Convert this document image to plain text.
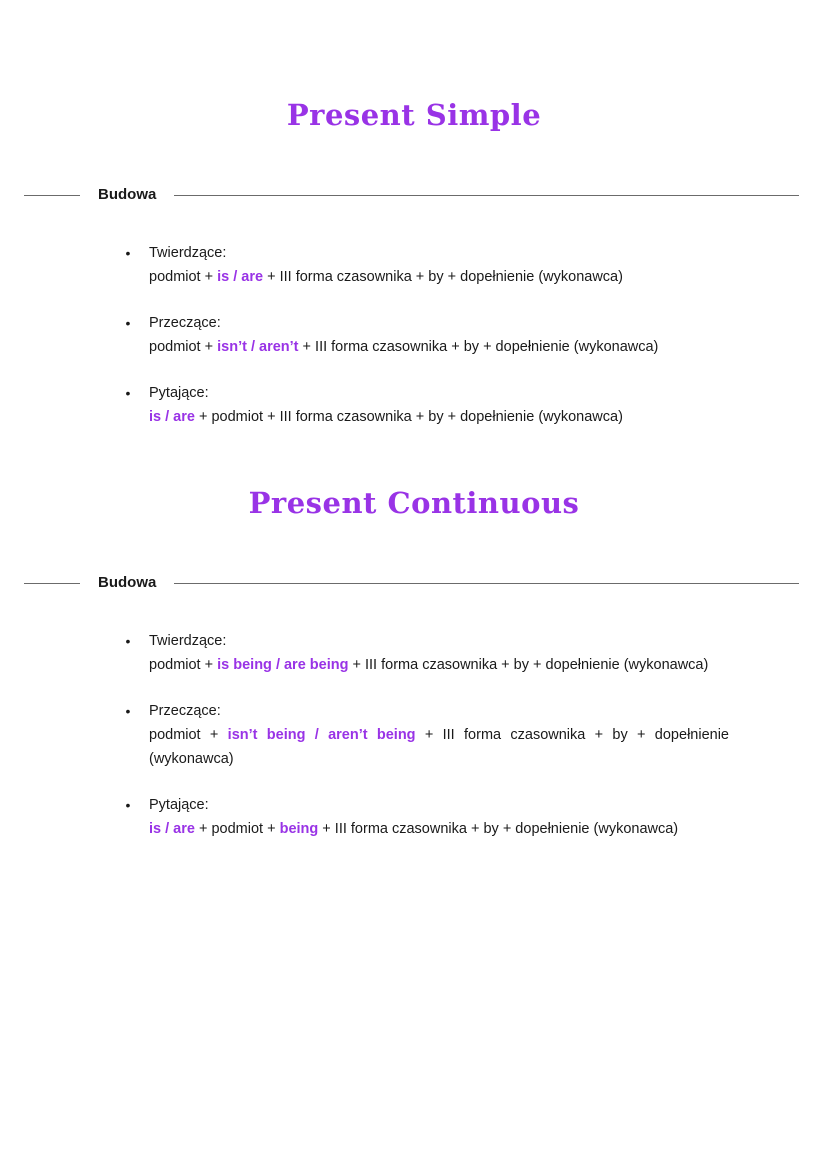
Present Simple
Budowa
• Twierdzące:
podmiot + is / are + III forma czasownika + by + dopełnienie (wykonawca)
• Przeczące:
podmiot + isn’t / aren’t + III forma czasownika + by + dopełnienie (wykonawca)
• Pytające:
is / are + podmiot + III forma czasownika + by + dopełnienie (wykonawca)
Present Continuous
Budowa
• Twierdzące:
podmiot + is being / are being + III forma czasownika + by + dopełnienie (wykonawca)
• Przeczące:
podmiot + isn’t being / aren’t being + III forma czasownika + by + dopełnienie (wykonawca)
• Pytające:
is / are + podmiot + being + III forma czasownika + by + dopełnienie (wykonawca)
